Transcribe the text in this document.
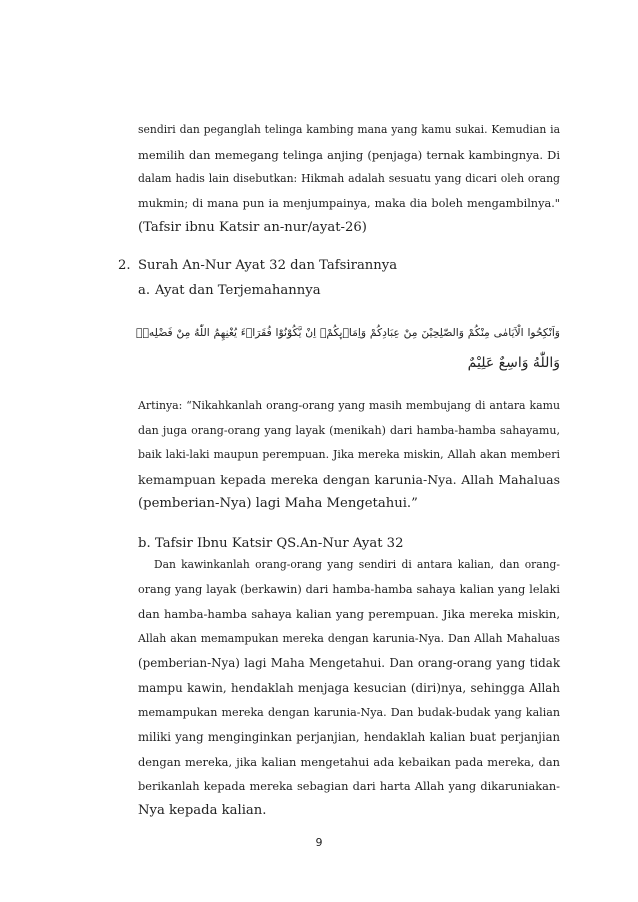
sendiri dan peganglah telinga kambing mana yang kamu sukai. Kemudian ia
memilih dan memegang telinga anjing (penjaga) ternak kambingnya. Di
dalam hadis lain disebutkan: Hikmah adalah sesuatu yang dicari oleh orang
mukmin; di mana pun ia menjumpainya, maka dia boleh mengambilnya."
(Tafsir ibnu Katsir an-nur/ayat-26)
2. Surah An-Nur Ayat 32 dan Tafsirannya
a. Ayat dan Terjemahannya
وَاَنْكِحُوا الْاَيَامٰى مِنْكُمْ وَالصّٰلِحِيْنَ مِنْ عِبَادِكُمْ وَاِمَاۤىِٕكُمْۗ اِنْ يَّكُوْنُوْا فُقَرَاۤءَ يُغْنِهِمُ اللّٰهُ مِنْ فَضْلِهٖۗ
وَاللّٰهُ وَاسِعٌ عَلِيْمٌ
Artinya: “Nikahkanlah orang-orang yang masih membujang di antara kamu
dan juga orang-orang yang layak (menikah) dari hamba-hamba sahayamu,
baik laki-laki maupun perempuan. Jika mereka miskin, Allah akan memberi
kemampuan kepada mereka dengan karunia-Nya. Allah Mahaluas
(pemberian-Nya) lagi Maha Mengetahui.”
b. Tafsir Ibnu Katsir QS.An-Nur Ayat 32
Dan kawinkanlah orang-orang yang sendiri di antara kalian, dan orang-
orang yang layak (berkawin) dari hamba-hamba sahaya kalian yang lelaki
dan hamba-hamba sahaya kalian yang perempuan. Jika mereka miskin,
Allah akan memampukan mereka dengan karunia-Nya. Dan Allah Mahaluas
(pemberian-Nya) lagi Maha Mengetahui. Dan orang-orang yang tidak
mampu kawin, hendaklah menjaga kesucian (diri)nya, sehingga Allah
memampukan mereka dengan karunia-Nya. Dan budak-budak yang kalian
miliki yang menginginkan perjanjian, hendaklah kalian buat perjanjian
dengan mereka, jika kalian mengetahui ada kebaikan pada mereka, dan
berikanlah kepada mereka sebagian dari harta Allah yang dikaruniakan-
Nya kepada kalian.
9
